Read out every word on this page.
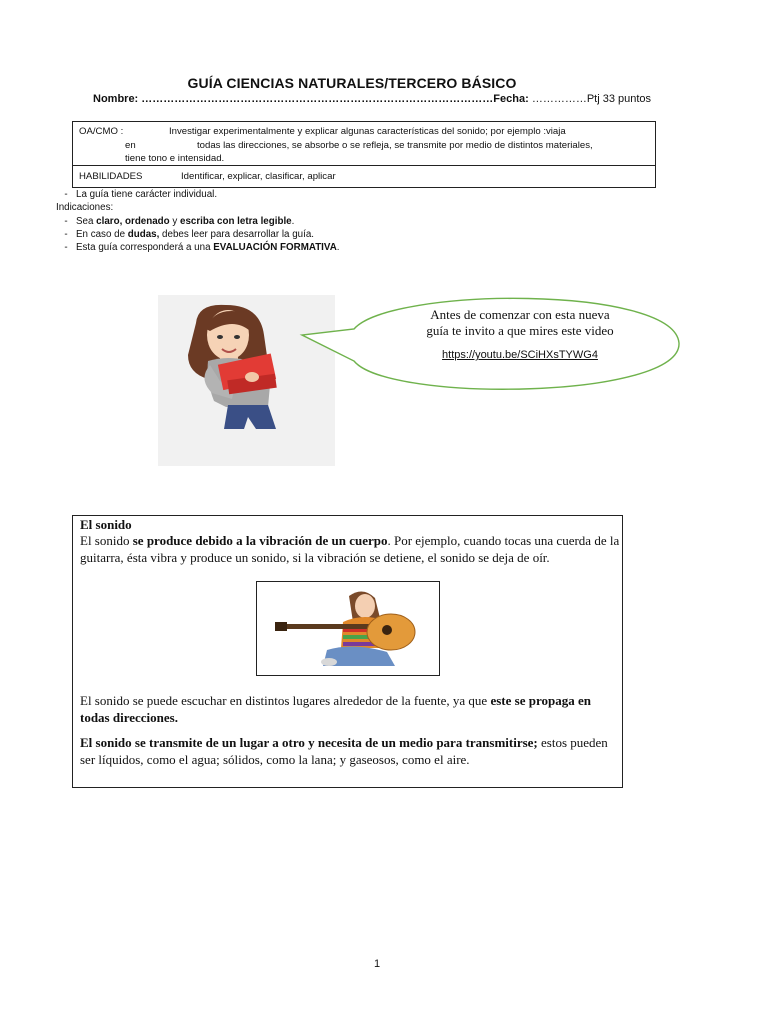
GUÍA CIENCIAS NATURALES/TERCERO BÁSICO
Nombre: ……………………………………………………………………………………Fecha: ……………Ptj 33 puntos
OA/CMO :	Investigar experimentalmente y explicar algunas características del sonido; por ejemplo :viaja
en	todas las direcciones, se absorbe o se refleja, se transmite por medio de distintos materiales,
tiene tono e intensidad.
HABILIDADES	Identificar, explicar, clasificar, aplicar
- La guía tiene carácter individual.
Indicaciones:
- Sea claro, ordenado y escriba con letra legible.
- En caso de dudas, debes leer para desarrollar la guía.
- Esta guía corresponderá a una EVALUACIÓN FORMATIVA.
Antes de comenzar con esta nueva
guía te invito a que mires este video
https://youtu.be/SCiHXsTYWG4
El sonido
El sonido se produce debido a la vibración de un cuerpo. Por ejemplo, cuando tocas una cuerda de la guitarra, ésta vibra y produce un sonido, si la vibración se detiene, el sonido se deja de oír.
El sonido se puede escuchar en distintos lugares alrededor de la fuente, ya que este se propaga en todas direcciones.
El sonido se transmite de un lugar a otro y necesita de un medio para transmitirse; estos pueden ser líquidos, como el agua; sólidos, como la lana; y gaseosos, como el aire.
1
